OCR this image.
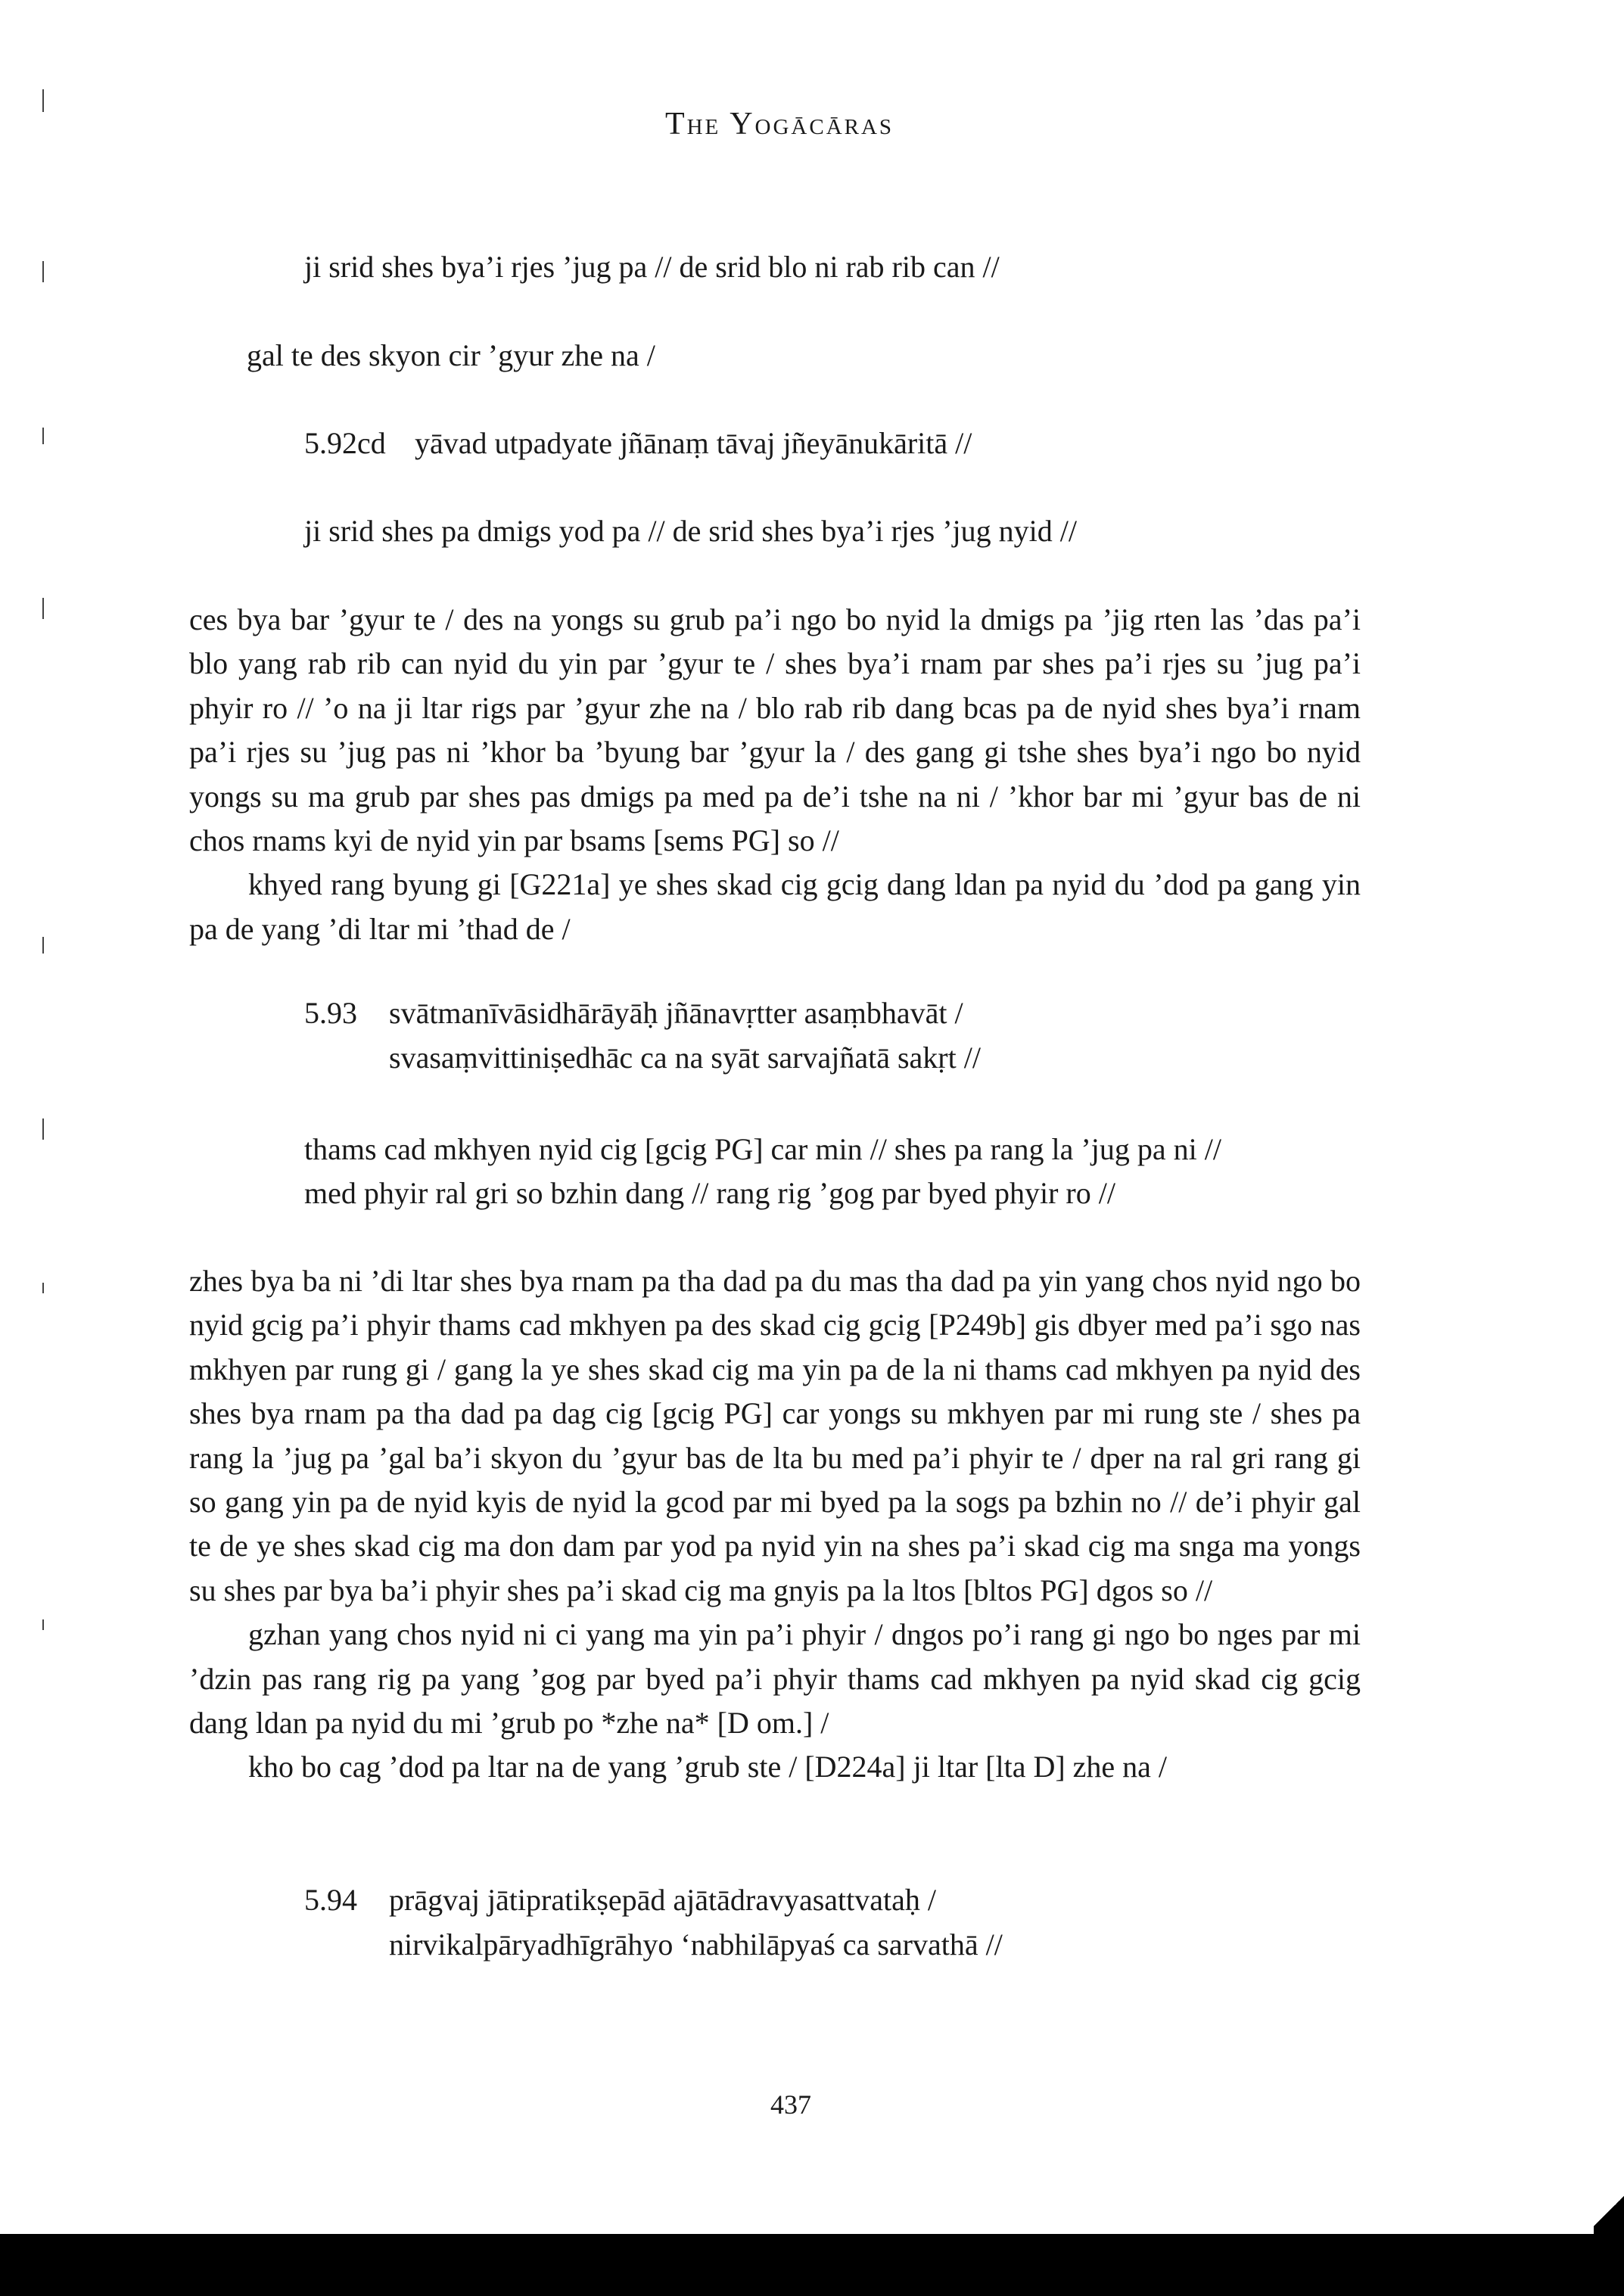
The Yogācāras
ji srid shes bya’i rjes ’jug pa // de srid blo ni rab rib can //
gal te des skyon cir ’gyur zhe na /
5.92cd yāvad utpadyate jñānaṃ tāvaj jñeyānukāritā //
ji srid shes pa dmigs yod pa // de srid shes bya’i rjes ’jug nyid //

ces bya bar ’gyur te / des na yongs su grub pa’i ngo bo nyid la dmigs pa ’jig rten las ’das pa’i blo yang rab rib can nyid du yin par ’gyur te / shes bya’i rnam par shes pa’i rjes su ’jug pa’i phyir ro // ’o na ji ltar rigs par ’gyur zhe na / blo rab rib dang bcas pa de nyid shes bya’i rnam pa’i rjes su ’jug pas ni ’khor ba ’byung bar ’gyur la / des gang gi tshe shes bya’i ngo bo nyid yongs su ma grub par shes pas dmigs pa med pa de’i tshe na ni / ’khor bar mi ’gyur bas de ni chos rnams kyi de nyid yin par bsams [sems PG] so //

khyed rang byung gi [G221a] ye shes skad cig gcig dang ldan pa nyid du ’dod pa gang yin pa de yang ’di ltar mi ’thad de /

5.93 svātmanīvāsidhārāyāḥ jñānavṛtter asaṃbhavāt /
svasaṃvittiniṣedhāc ca na syāt sarvajñatā sakṛt //
thams cad mkhyen nyid cig [gcig PG] car min // shes pa rang la ’jug pa ni //
med phyir ral gri so bzhin dang // rang rig ’gog par byed phyir ro //

zhes bya ba ni ’di ltar shes bya rnam pa tha dad pa du mas tha dad pa yin yang chos nyid ngo bo nyid gcig pa’i phyir thams cad mkhyen pa des skad cig gcig [P249b] gis dbyer med pa’i sgo nas mkhyen par rung gi / gang la ye shes skad cig ma yin pa de la ni thams cad mkhyen pa nyid des shes bya rnam pa tha dad pa dag cig [gcig PG] car yongs su mkhyen par mi rung ste / shes pa rang la ’jug pa ’gal ba’i skyon du ’gyur bas de lta bu med pa’i phyir te / dper na ral gri rang gi so gang yin pa de nyid kyis de nyid la gcod par mi byed pa la sogs pa bzhin no // de’i phyir gal te de ye shes skad cig ma don dam par yod pa nyid yin na shes pa’i skad cig ma snga ma yongs su shes par bya ba’i phyir shes pa’i skad cig ma gnyis pa la ltos [bltos PG] dgos so //

gzhan yang chos nyid ni ci yang ma yin pa’i phyir / dngos po’i rang gi ngo bo nges par mi ’dzin pas rang rig pa yang ’gog par byed pa’i phyir thams cad mkhyen pa nyid skad cig gcig dang ldan pa nyid du mi ’grub po *zhe na* [D om.] /

kho bo cag ’dod pa ltar na de yang ’grub ste / [D224a] ji ltar [lta D] zhe na /

5.94 prāgvaj jātipratikṣepād ajātādravyasattvataḥ /
nirvikalpāryadhīgrāhyo ‘nabhilāpyaś ca sarvathā //
437
